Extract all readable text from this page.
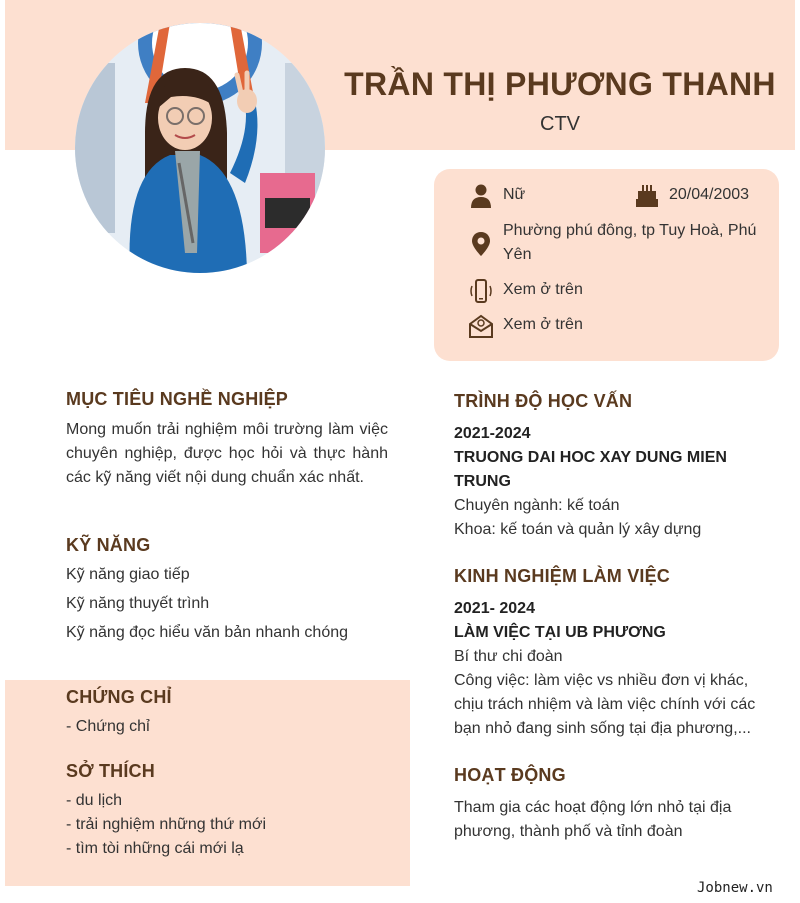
TRẦN THỊ PHƯƠNG THANH
CTV
Nữ	20/04/2003
Phường phú đông, tp Tuy Hoà, Phú Yên
Xem ở trên
Xem ở trên
MỤC TIÊU NGHỀ NGHIỆP
Mong muốn trải nghiệm môi trường làm việc chuyên nghiệp, được học hỏi và thực hành các kỹ năng viết nội dung chuẩn xác nhất.
KỸ NĂNG
Kỹ năng giao tiếp
Kỹ năng thuyết trình
Kỹ năng đọc hiểu văn bản nhanh chóng
CHỨNG CHỈ
- Chứng chỉ
SỞ THÍCH
- du lịch
- trải nghiệm những thứ mới
- tìm tòi những cái mới lạ
TRÌNH ĐỘ HỌC VẤN
2021-2024
TRUONG DAI HOC XAY DUNG MIEN TRUNG
Chuyên ngành: kế toán
Khoa: kế toán và quản lý xây dựng
KINH NGHIỆM LÀM VIỆC
2021- 2024
LÀM VIỆC TẠI UB PHƯƠNG
Bí thư chi đoàn
Công việc: làm việc vs nhiều đơn vị khác, chịu trách nhiệm và làm việc chính với các bạn nhỏ đang sinh sống tại địa phương,...
HOẠT ĐỘNG
Tham gia các hoạt động lớn nhỏ tại địa phương, thành phố và tỉnh đoàn
Jobnew.vn
